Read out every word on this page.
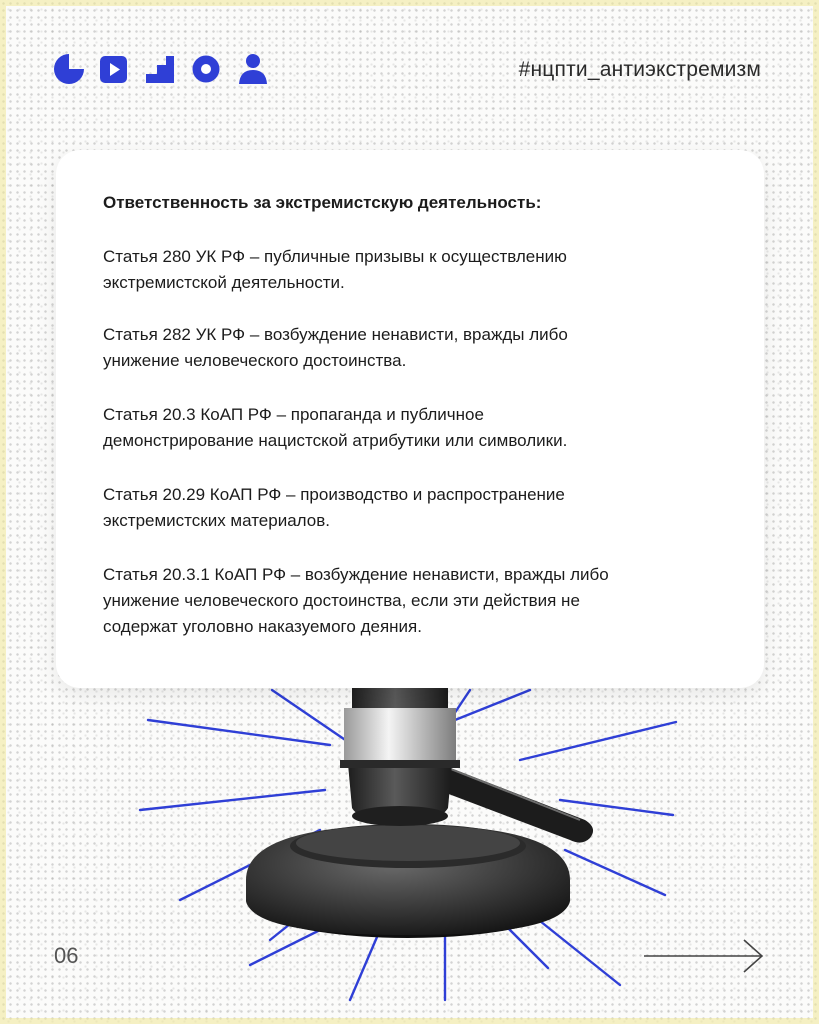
#нцпти_антиэкстремизм
Ответственность за экстремистскую деятельность:
Статья 280 УК РФ – публичные призывы к осуществлению
экстремистской деятельности.
Статья 282 УК РФ – возбуждение ненависти, вражды либо
унижение человеческого достоинства.
Статья 20.3 КоАП РФ – пропаганда и публичное
демонстрирование нацистской атрибутики или символики.
Статья 20.29 КоАП РФ – производство и распространение
экстремистских материалов.
Статья 20.3.1 КоАП РФ – возбуждение ненависти, вражды либо
унижение человеческого достоинства, если эти действия не
содержат уголовно наказуемого деяния.
06
